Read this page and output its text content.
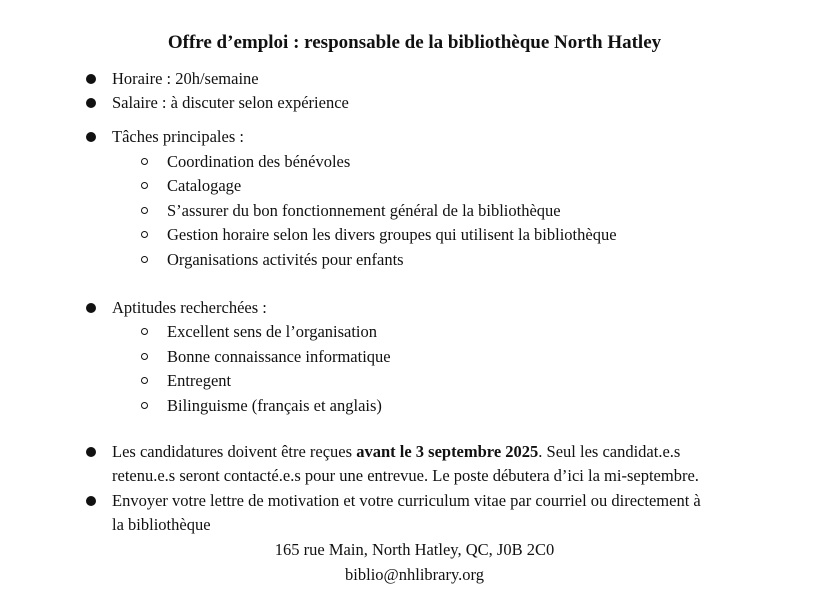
Offre d’emploi : responsable de la bibliothèque North Hatley
Horaire : 20h/semaine
Salaire : à discuter selon expérience
Tâches principales :
Coordination des bénévoles
Catalogage
S’assurer du bon fonctionnement général de la bibliothèque
Gestion horaire selon les divers groupes qui utilisent la bibliothèque
Organisations activités pour enfants
Aptitudes recherchées :
Excellent sens de l’organisation
Bonne connaissance informatique
Entregent
Bilinguisme (français et anglais)
Les candidatures doivent être reçues avant le 3 septembre 2025. Seul les candidat.e.s
retenu.e.s seront contacté.e.s pour une entrevue. Le poste débutera d’ici la mi-septembre.
Envoyer votre lettre de motivation et votre curriculum vitae par courriel ou directement à
la bibliothèque
165 rue Main, North Hatley, QC, J0B 2C0
biblio@nhlibrary.org
